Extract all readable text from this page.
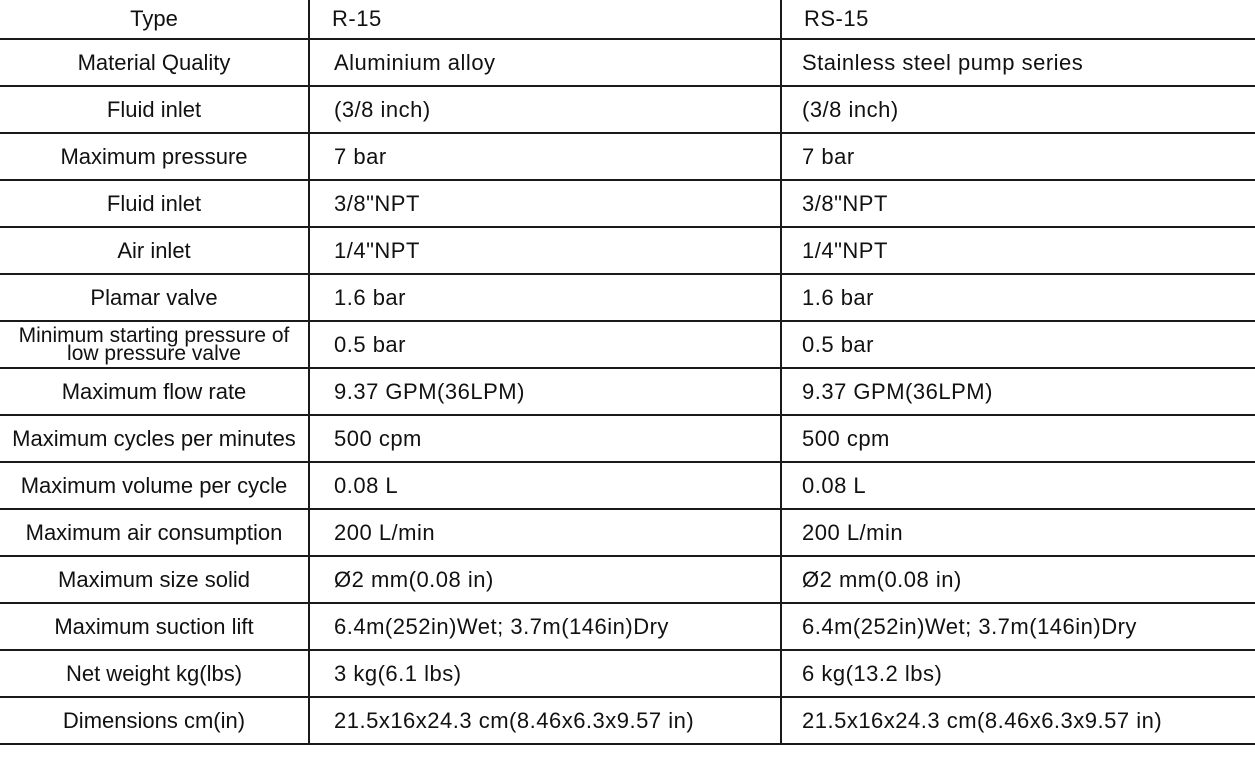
Type	R-15	RS-15
Material Quality	Aluminium alloy	Stainless steel pump series
Fluid inlet	(3/8 inch)	(3/8 inch)
Maximum pressure	7 bar	7 bar
Fluid inlet	3/8"NPT	3/8"NPT
Air inlet	1/4"NPT	1/4"NPT
Plamar valve	1.6 bar	1.6 bar
Minimum starting pressure of low pressure valve	0.5 bar	0.5 bar
Maximum flow rate	9.37 GPM(36LPM)	9.37 GPM(36LPM)
Maximum cycles per minutes	500 cpm	500 cpm
Maximum volume per cycle	0.08 L	0.08 L
Maximum air consumption	200 L/min	200 L/min
Maximum size solid	Ø2 mm(0.08 in)	Ø2 mm(0.08 in)
Maximum suction lift	6.4m(252in)Wet; 3.7m(146in)Dry	6.4m(252in)Wet; 3.7m(146in)Dry
Net weight kg(lbs)	3 kg(6.1 lbs)	6 kg(13.2 lbs)
Dimensions cm(in)	21.5x16x24.3 cm(8.46x6.3x9.57 in)	21.5x16x24.3 cm(8.46x6.3x9.57 in)
